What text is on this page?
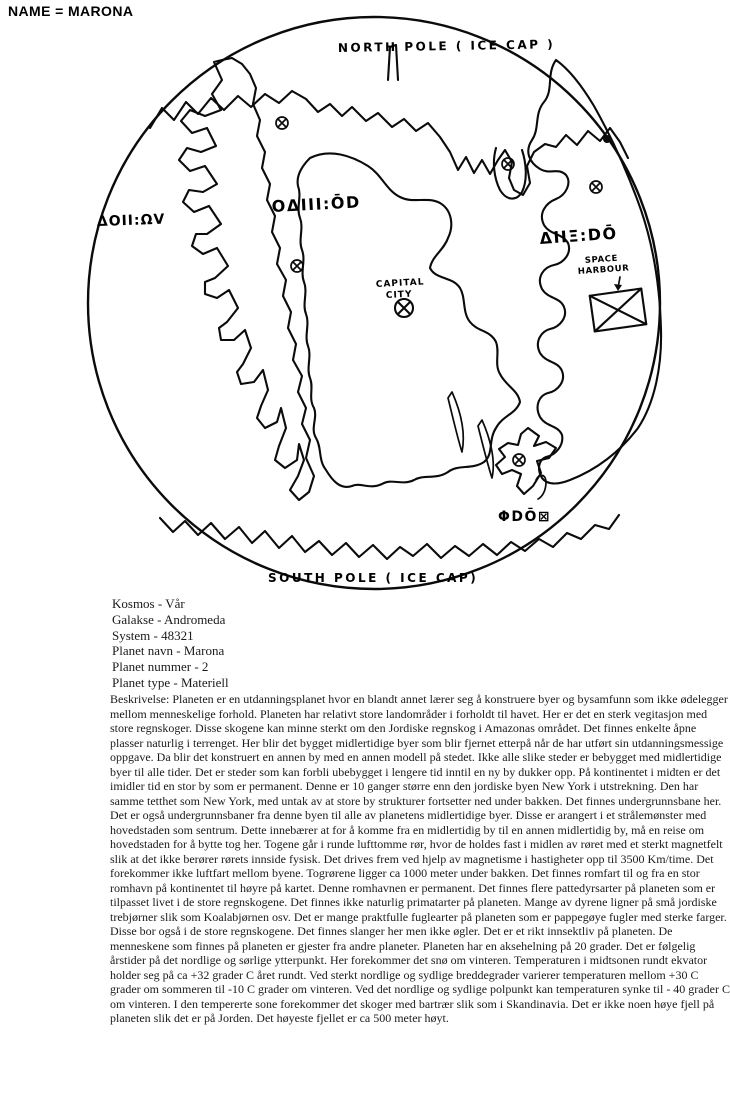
NAME = MARONA
NORTH POLE ( ICE CAP )
SOUTH POLE ( ICE CAP)
CAPITAL
CITY
SPACE
HARBOUR
ΔOII:ΩV
OΔIII:ŌD
ΔIIΞ:DŌ
ΦDŌ⊠
Kosmos - Vår
Galakse - Andromeda
System - 48321
Planet navn - Marona
Planet nummer - 2
Planet type - Materiell
Beskrivelse: Planeten er en utdanningsplanet hvor en blandt annet lærer seg å konstruere byer og bysamfunn som ikke ødelegger mellom menneskelige forhold. Planeten har relativt store landområder i forholdt til havet. Her er det en sterk vegitasjon med store regnskoger. Disse skogene kan minne sterkt om den Jordiske regnskog i Amazonas området. Det finnes enkelte åpne plasser naturlig i terrenget. Her blir det bygget midlertidige byer som blir fjernet etterpå når de har utført sin utdanningsmessige oppgave. Da blir det konstruert en annen by med en annen modell på stedet. Ikke alle slike steder er bebygget med midlertidige byer til alle tider. Det er steder som kan forbli ubebygget i lengere tid inntil en ny by dukker opp. På kontinentet i midten er det imidler tid en stor by som er permanent. Denne er 10 ganger større enn den jordiske byen New York i utstrekning. Den har samme tetthet som New York, med untak av at store by strukturer fortsetter ned under bakken. Det finnes undergrunnsbane her. Det er også undergrunnsbaner fra denne byen til alle av planetens midlertidige byer. Disse er arangert i et strålemønster med hovedstaden som sentrum. Dette innebærer at for å komme fra en midlertidig by til en annen midlertidig by, må en reise om hovedstaden for å bytte tog her. Togene går i runde lufttomme rør, hvor de holdes fast i midlen av røret med et sterkt magnetfelt slik at det ikke berører rørets innside fysisk. Det drives frem ved hjelp av magnetisme i hastigheter opp til 3500 Km/time. Det forekommer ikke luftfart mellom byene. Togrørene ligger ca 1000 meter under bakken. Det finnes romfart til og fra en stor romhavn på kontinentet til høyre på kartet. Denne romhavnen er permanent. Det finnes flere pattedyrsarter på planeten som er tilpasset livet i de store regnskogene. Det finnes ikke naturlig primatarter på planeten. Mange av dyrene ligner på små jordiske trebjørner slik som Koalabjørnen osv. Det er mange praktfulle fuglearter på planeten som er pappegøye fugler med sterke farger. Disse bor også i de store regnskogene. Det finnes slanger her men ikke øgler. Det er et rikt innsektliv på planeten. De menneskene som finnes på planeten er gjester fra andre planeter. Planeten har en aksehelning på 20 grader. Det er følgelig årstider på det nordlige og sørlige ytterpunkt. Her forekommer det snø om vinteren. Temperaturen i midtsonen rundt ekvator holder seg på ca +32 grader C året rundt. Ved sterkt nordlige og sydlige breddegrader varierer temperaturen mellom +30 C grader om sommeren til -10 C grader om vinteren. Ved det nordlige og sydlige polpunkt kan temperaturen synke til - 40 grader C om vinteren. I den tempererte sone forekommer det skoger med bartrær slik som i Skandinavia. Det er ikke noen høye fjell på planeten slik det er på Jorden. Det høyeste fjellet er ca 500 meter høyt.
